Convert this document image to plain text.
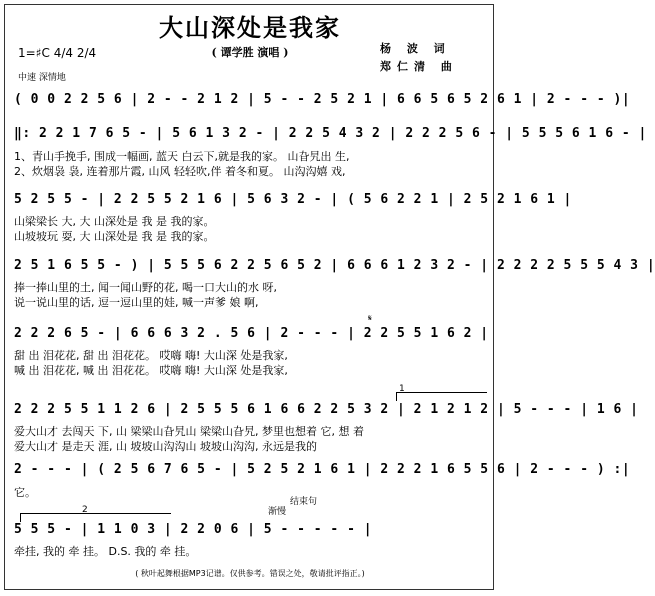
大山深处是我家
( 谭学胜 演唱 )	杨 波 词
郑仁清 曲
1=♯C 4/4 2/4
中速 深情地
( 0 0 2 2 5 6 | 2 - - 2 1 2 | 5 - - 2 5 2 1 | 6 6 5 6 5 2 6 1 | 2 - - - )|
‖: 2 2 1 7 6 5 - | 5 6 1 3 2 - | 2 2 5 4 3 2 | 2 2 2 5 6 - | 5 5 5 6 1 6 - |
1、青山手挽手, 围成一幅画, 蓝天 白云下,就是我的家。 山旮旯出 生,
2、炊烟袅 袅, 连着那片霞, 山风 轻轻吹,伴 着冬和夏。 山沟沟嬉 戏,
5 2 5 5 - | 2 2 5 5 2 1 6 | 5 6 3 2 - | ( 5 6 2 2 1 | 2 5 2 1 6 1 |
山梁梁长 大, 大 山深处是 我 是 我的家。
山坡坡玩 耍, 大 山深处是 我 是 我的家。
2 5 1 6 5 5 - ) | 5 5 5 6 2 2 5 6 5 2 | 6 6 6 1 2 3 2 - | 2 2 2 2 5 5 5 4 3 |
捧一捧山里的土, 闻一闻山野的花, 喝一口大山的水 呀,
说一说山里的话, 逗一逗山里的娃, 喊一声爹 娘 啊,
𝄋
2 2 2 6 5 - | 6 6 6 3 2 . 5 6 | 2 - - - | 2 2 5 5 1 6 2 |
甜 出 泪花花, 甜 出 泪花花。 哎嗨 嗨! 大山深 处是我家,
喊 出 泪花花, 喊 出 泪花花。 哎嗨 嗨! 大山深 处是我家,
1
2 2 2 5 5 1 1 2 6 | 2 5 5 5 6 1 6 6 2 2 5 3 2 | 2 1 2 1 2 | 5 - - - | 1 6 |
爱大山才 去闯天 下, 山 梁梁山旮旯山 梁梁山旮旯, 梦里也想着 它, 想 着
爱大山才 是走天 涯, 山 坡坡山沟沟山 坡坡山沟沟, 永远是我的
2 - - - | ( 2 5 6 7 6 5 - | 5 2 5 2 1 6 1 | 2 2 2 1 6 5 5 6 | 2 - - - ) :|
它。
2	渐慢
结束句
5 5 5 - | 1 1 0 3 | 2 2 0 6 | 5 - - - - - |
牵挂, 我的 牵 挂。 D.S. 我的 牵 挂。
( 秋叶起舞根据MP3记谱。仅供参考。错误之处，敬请批评指正。)
